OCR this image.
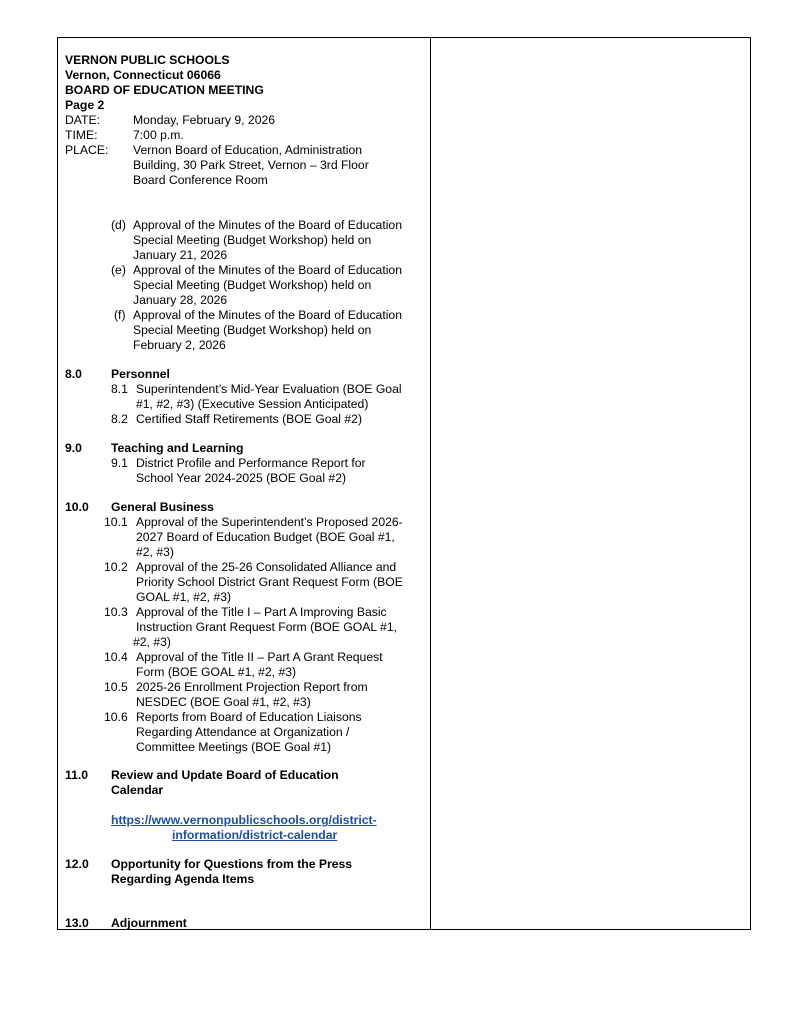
VERNON PUBLIC SCHOOLS
Vernon, Connecticut 06066
BOARD OF EDUCATION MEETING
Page 2
DATE:	Monday, February 9, 2026
TIME:	7:00 p.m.
PLACE: Vernon Board of Education, Administration
Building, 30 Park Street, Vernon – 3rd Floor
Board Conference Room
(d) Approval of the Minutes of the Board of Education
Special Meeting (Budget Workshop) held on
January 21, 2026
(e) Approval of the Minutes of the Board of Education
Special Meeting (Budget Workshop) held on
January 28, 2026
(f) Approval of the Minutes of the Board of Education
Special Meeting (Budget Workshop) held on
February 2, 2026
8.0 Personnel
8.1 Superintendent’s Mid-Year Evaluation (BOE Goal
#1, #2, #3) (Executive Session Anticipated)
8.2 Certified Staff Retirements (BOE Goal #2)
9.0 Teaching and Learning
9.1 District Profile and Performance Report for
School Year 2024-2025 (BOE Goal #2)
10.0 General Business
10.1 Approval of the Superintendent’s Proposed 2026-
2027 Board of Education Budget (BOE Goal #1,
#2, #3)
10.2 Approval of the 25-26 Consolidated Alliance and
Priority School District Grant Request Form (BOE
GOAL #1, #2, #3)
10.3 Approval of the Title I – Part A Improving Basic
Instruction Grant Request Form (BOE GOAL #1,
#2, #3)
10.4 Approval of the Title II – Part A Grant Request
Form (BOE GOAL #1, #2, #3)
10.5 2025-26 Enrollment Projection Report from
NESDEC (BOE Goal #1, #2, #3)
10.6 Reports from Board of Education Liaisons
Regarding Attendance at Organization /
Committee Meetings (BOE Goal #1)
11.0 Review and Update Board of Education
Calendar
https://www.vernonpublicschools.org/district-
information/district-calendar
12.0 Opportunity for Questions from the Press
Regarding Agenda Items
13.0 Adjournment
